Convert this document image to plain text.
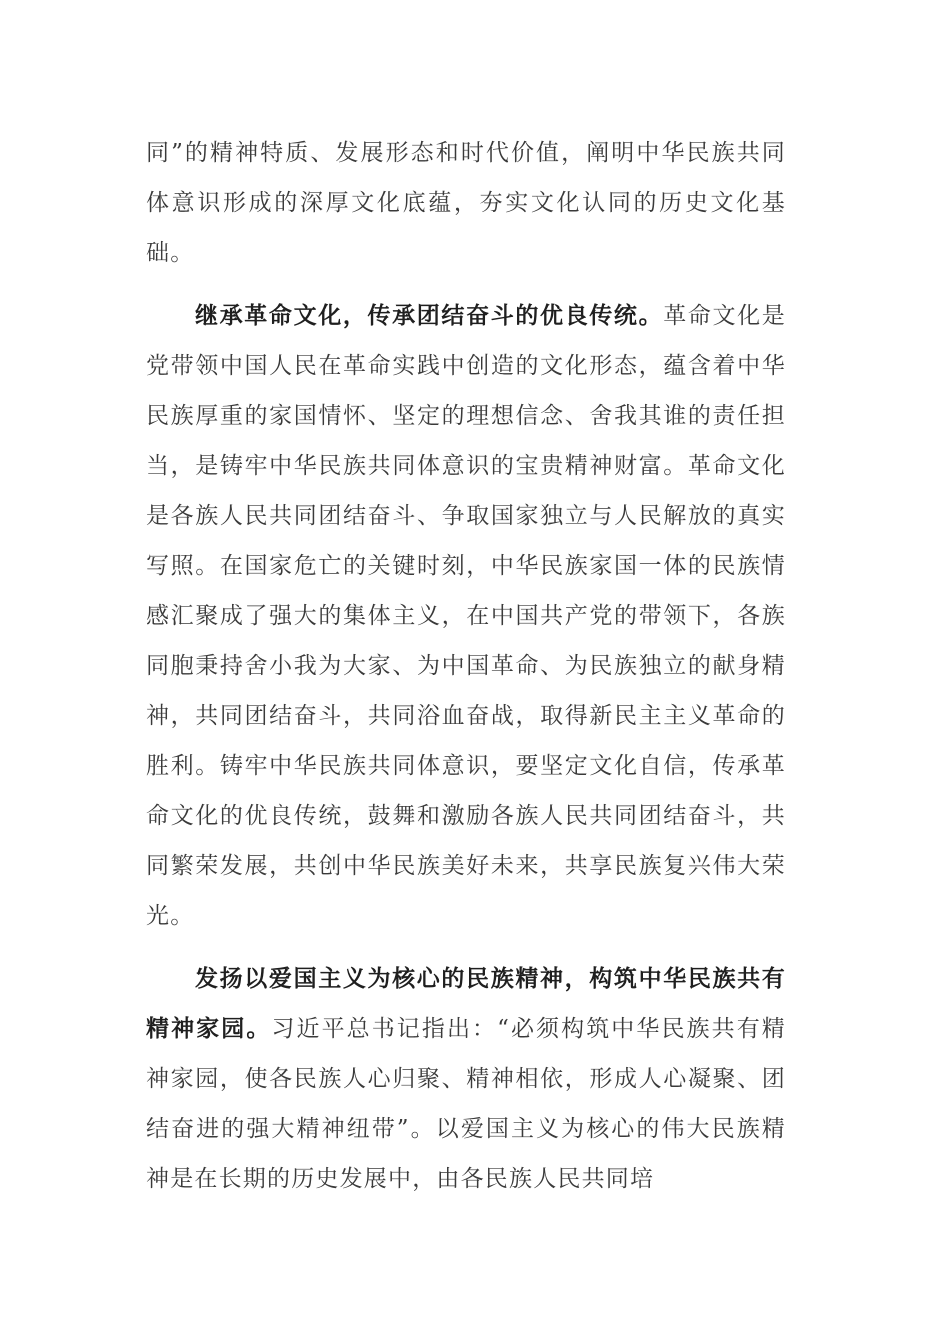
同”的精神特质、发展形态和时代价值，阐明中华民族共同体意识形成的深厚文化底蕴，夯实文化认同的历史文化基础。

继承革命文化，传承团结奋斗的优良传统。革命文化是党带领中国人民在革命实践中创造的文化形态，蕴含着中华民族厚重的家国情怀、坚定的理想信念、舍我其谁的责任担当，是铸牢中华民族共同体意识的宝贵精神财富。革命文化是各族人民共同团结奋斗、争取国家独立与人民解放的真实写照。在国家危亡的关键时刻，中华民族家国一体的民族情感汇聚成了强大的集体主义，在中国共产党的带领下，各族同胞秉持舍小我为大家、为中国革命、为民族独立的献身精神，共同团结奋斗，共同浴血奋战，取得新民主主义革命的胜利。铸牢中华民族共同体意识，要坚定文化自信，传承革命文化的优良传统，鼓舞和激励各族人民共同团结奋斗，共同繁荣发展，共创中华民族美好未来，共享民族复兴伟大荣光。

发扬以爱国主义为核心的民族精神，构筑中华民族共有精神家园。习近平总书记指出：“必须构筑中华民族共有精神家园，使各民族人心归聚、精神相依，形成人心凝聚、团结奋进的强大精神纽带”。以爱国主义为核心的伟大民族精神是在长期的历史发展中，由各民族人民共同培
